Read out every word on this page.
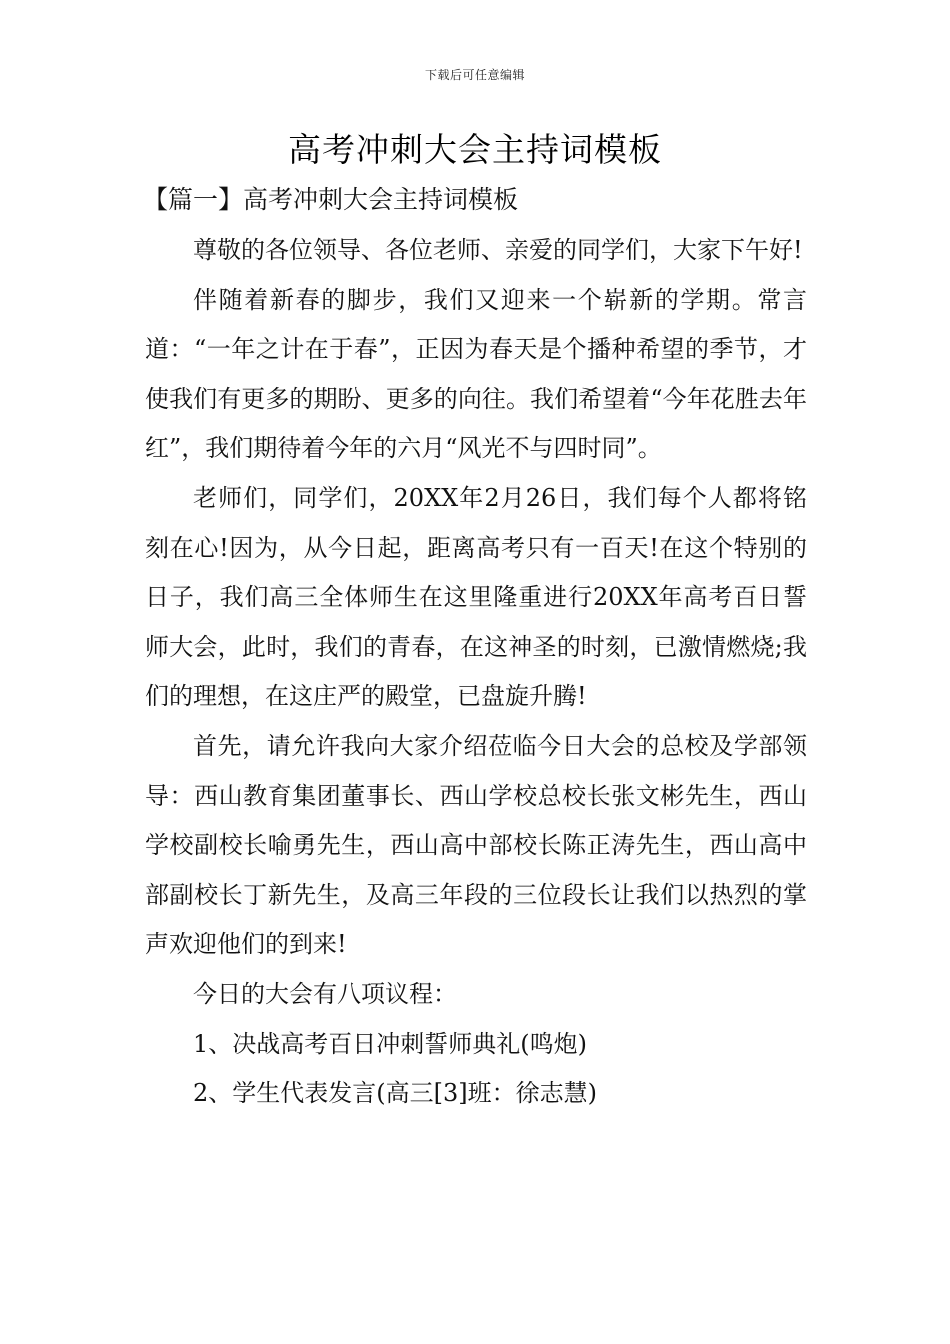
下载后可任意编辑
高考冲刺大会主持词模板
【篇一】高考冲刺大会主持词模板

尊敬的各位领导、各位老师、亲爱的同学们，大家下午好!

伴随着新春的脚步，我们又迎来一个崭新的学期。常言道：“一年之计在于春”，正因为春天是个播种希望的季节，才使我们有更多的期盼、更多的向往。我们希望着“今年花胜去年红”，我们期待着今年的六月“风光不与四时同”。

老师们，同学们，20XX年2月26日，我们每个人都将铭刻在心!因为，从今日起，距离高考只有一百天!在这个特别的日子，我们高三全体师生在这里隆重进行20XX年高考百日誓师大会，此时，我们的青春，在这神圣的时刻，已激情燃烧;我们的理想，在这庄严的殿堂，已盘旋升腾!

首先，请允许我向大家介绍莅临今日大会的总校及学部领导：西山教育集团董事长、西山学校总校长张文彬先生，西山学校副校长喻勇先生，西山高中部校长陈正涛先生，西山高中部副校长丁新先生，及高三年段的三位段长让我们以热烈的掌声欢迎他们的到来!

今日的大会有八项议程：

1、决战高考百日冲刺誓师典礼(鸣炮)

2、学生代表发言(高三[3]班：徐志慧)
